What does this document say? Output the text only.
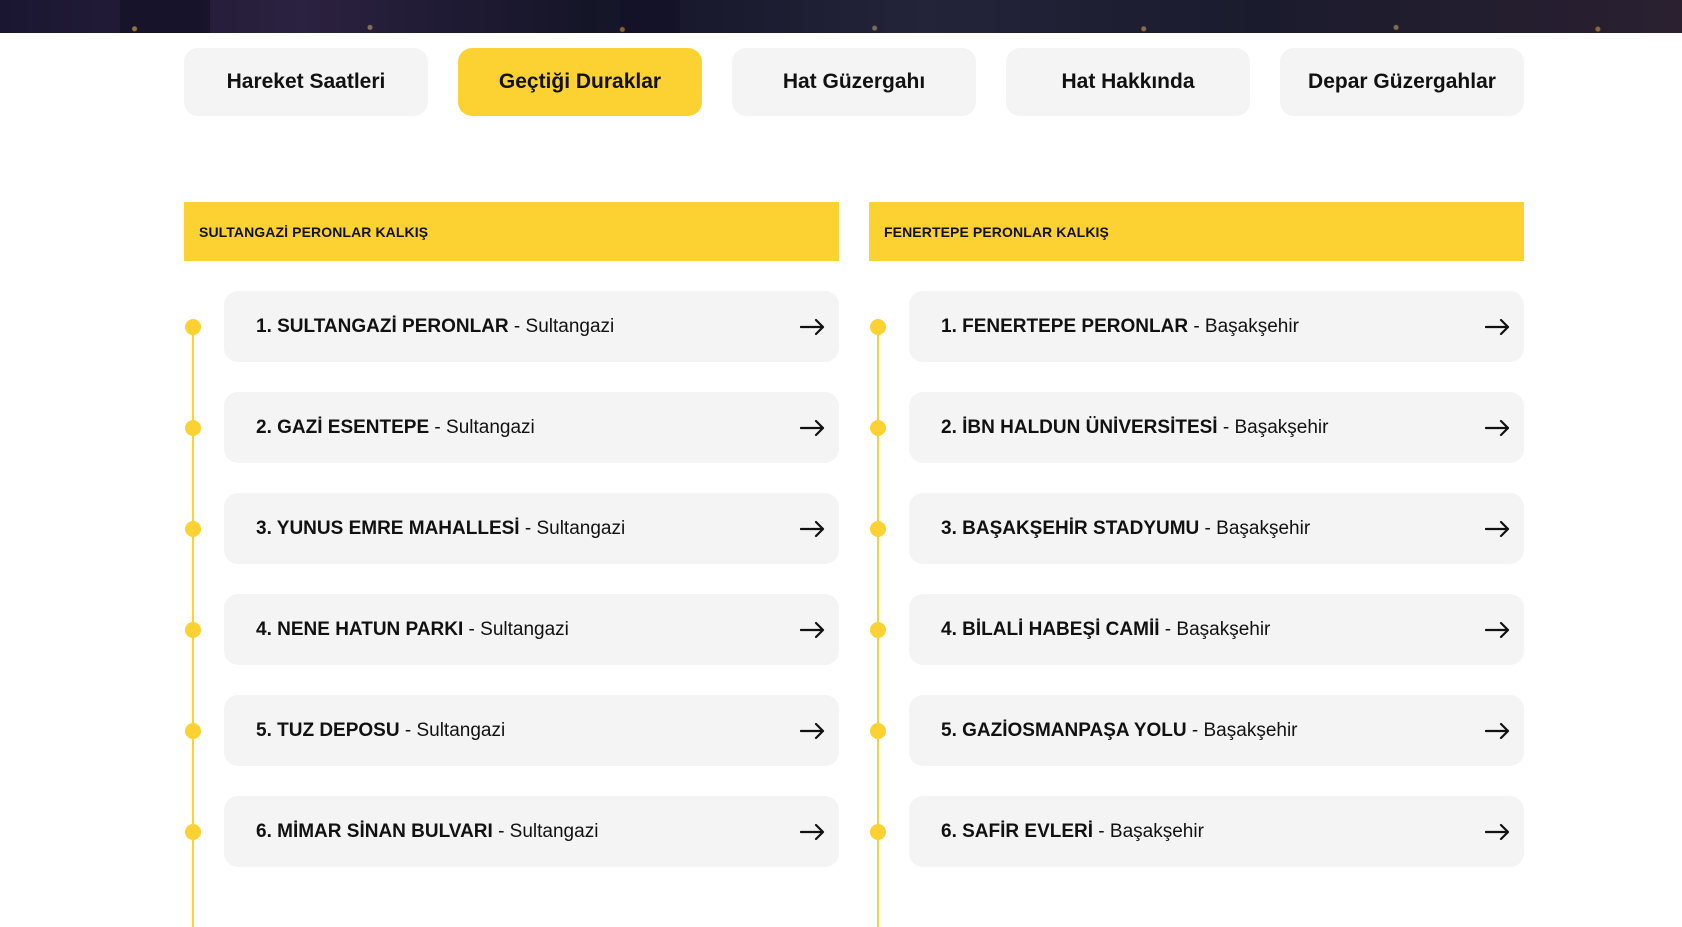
Hareket Saatleri	Geçtiği Duraklar	Hat Güzergahı	Hat Hakkında	Depar Güzergahlar
SULTANGAZİ PERONLAR KALKIŞ
1. SULTANGAZİ PERONLAR - Sultangazi
2. GAZİ ESENTEPE - Sultangazi
3. YUNUS EMRE MAHALLESİ - Sultangazi
4. NENE HATUN PARKI - Sultangazi
5. TUZ DEPOSU - Sultangazi
6. MİMAR SİNAN BULVARI - Sultangazi
FENERTEPE PERONLAR KALKIŞ
1. FENERTEPE PERONLAR - Başakşehir
2. İBN HALDUN ÜNİVERSİTESİ - Başakşehir
3. BAŞAKŞEHİR STADYUMU - Başakşehir
4. BİLALİ HABEŞİ CAMİİ - Başakşehir
5. GAZİOSMANPAŞA YOLU - Başakşehir
6. SAFİR EVLERİ - Başakşehir
